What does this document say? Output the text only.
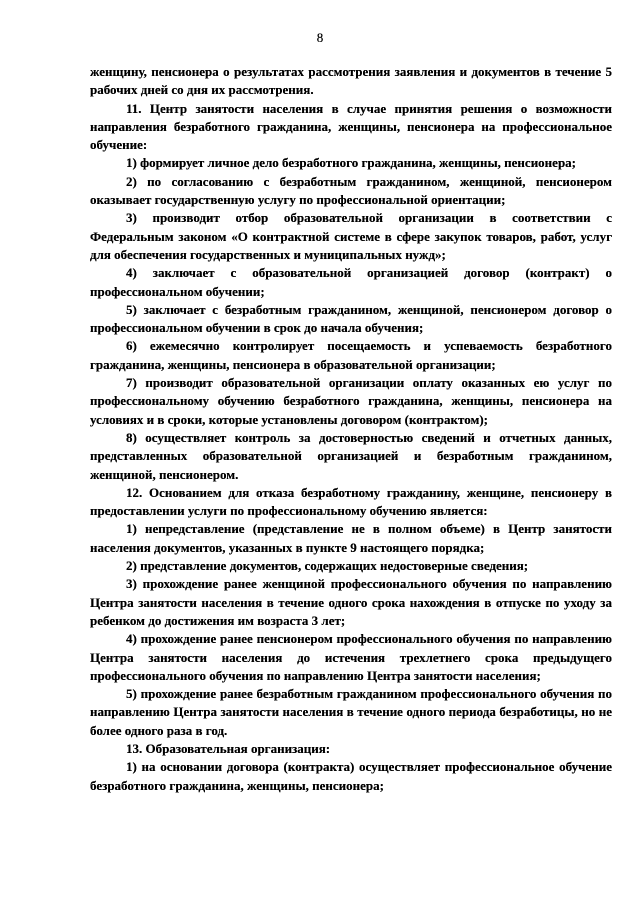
8

женщину, пенсионера о результатах рассмотрения заявления и документов в течение 5 рабочих дней со дня их рассмотрения.

11. Центр занятости населения в случае принятия решения о возможности направления безработного гражданина, женщины, пенсионера на профессиональное обучение:

1) формирует личное дело безработного гражданина, женщины, пенсионера;

2) по согласованию с безработным гражданином, женщиной, пенсионером оказывает государственную услугу по профессиональной ориентации;

3) производит отбор образовательной организации в соответствии с Федеральным законом «О контрактной системе в сфере закупок товаров, работ, услуг для обеспечения государственных и муниципальных нужд»;

4) заключает с образовательной организацией договор (контракт) о профессиональном обучении;

5) заключает с безработным гражданином, женщиной, пенсионером договор о профессиональном обучении в срок до начала обучения;

6) ежемесячно контролирует посещаемость и успеваемость безработного гражданина, женщины, пенсионера в образовательной организации;

7) производит образовательной организации оплату оказанных ею услуг по профессиональному обучению безработного гражданина, женщины, пенсионера на условиях и в сроки, которые установлены договором (контрактом);

8) осуществляет контроль за достоверностью сведений и отчетных данных, представленных образовательной организацией и безработным гражданином, женщиной, пенсионером.

12. Основанием для отказа безработному гражданину, женщине, пенсионеру в предоставлении услуги по профессиональному обучению является:

1) непредставление (представление не в полном объеме) в Центр занятости населения документов, указанных в пункте 9 настоящего порядка;

2) представление документов, содержащих недостоверные сведения;

3) прохождение ранее женщиной профессионального обучения по направлению Центра занятости населения в течение одного срока нахождения в отпуске по уходу за ребенком до достижения им возраста 3 лет;

4) прохождение ранее пенсионером профессионального обучения по направлению Центра занятости населения до истечения трехлетнего срока предыдущего профессионального обучения по направлению Центра занятости населения;

5) прохождение ранее безработным гражданином профессионального обучения по направлению Центра занятости населения в течение одного периода безработицы, но не более одного раза в год.

13. Образовательная организация:

1) на основании договора (контракта) осуществляет профессиональное обучение безработного гражданина, женщины, пенсионера;
